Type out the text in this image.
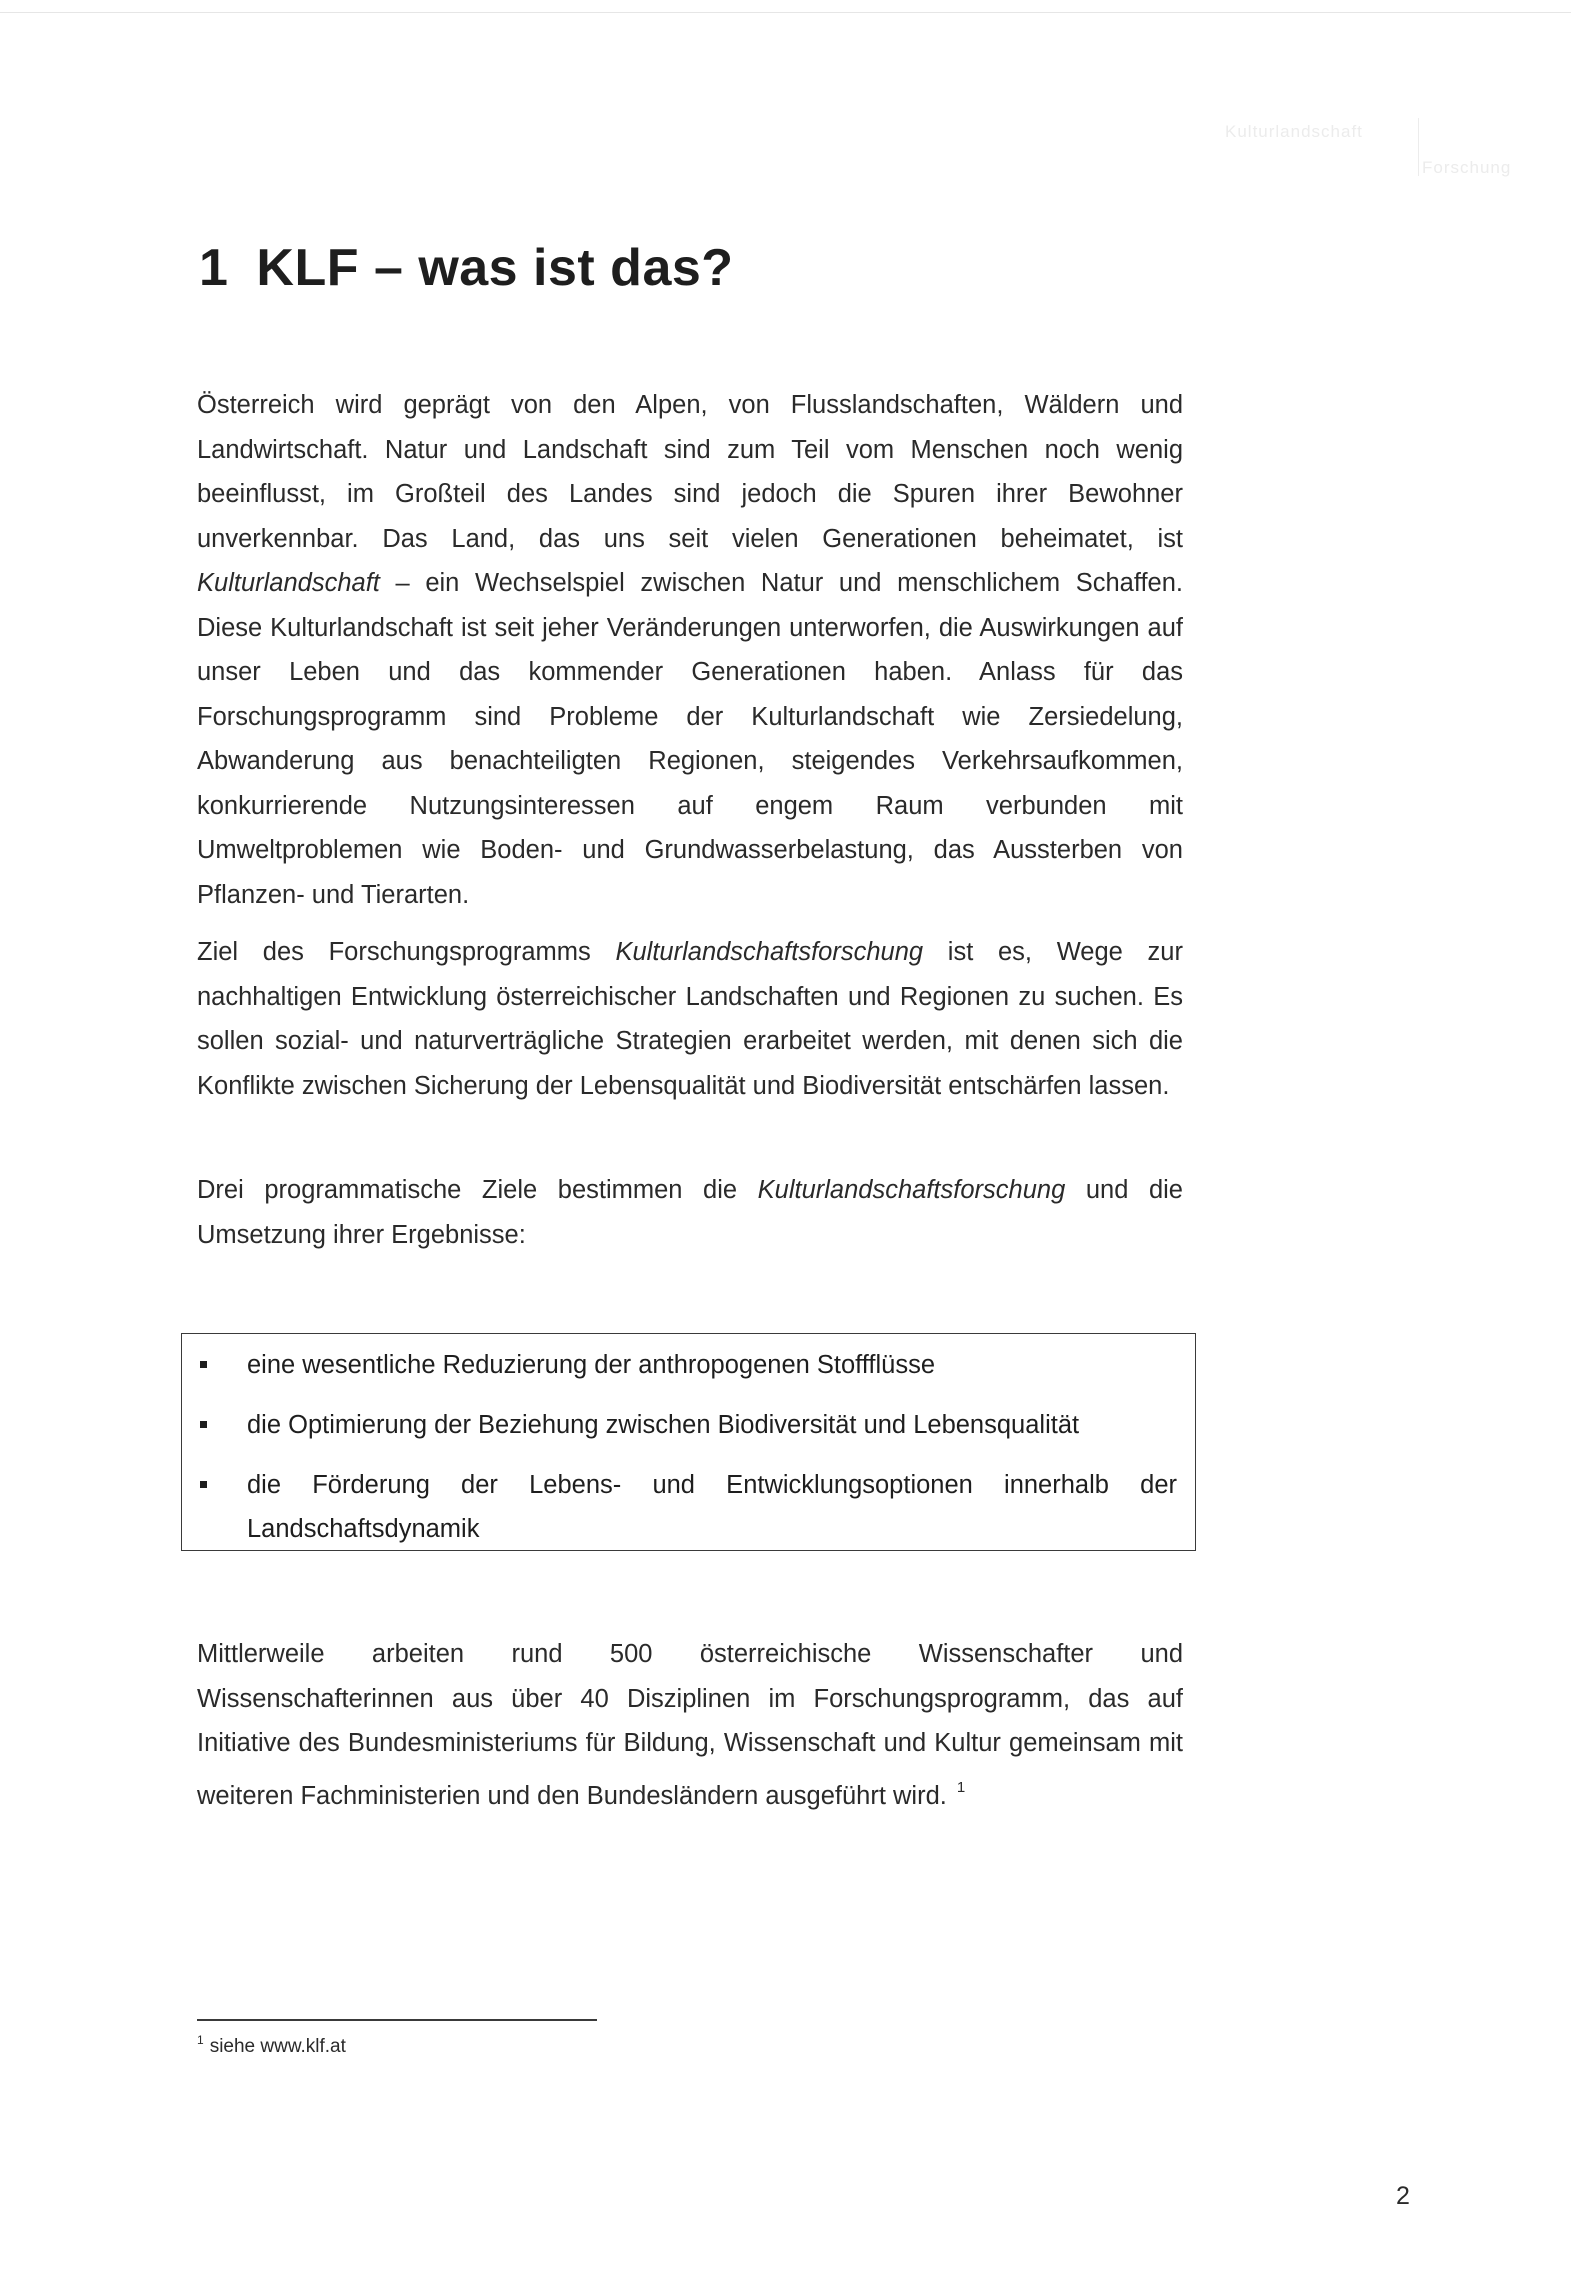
Kulturlandschaft
Forschung
1 KLF – was ist das?

Österreich wird geprägt von den Alpen, von Flusslandschaften, Wäldern und Landwirtschaft. Natur und Landschaft sind zum Teil vom Menschen noch wenig beeinflusst, im Großteil des Landes sind jedoch die Spuren ihrer Bewohner unverkennbar. Das Land, das uns seit vielen Generationen beheimatet, ist Kulturlandschaft – ein Wechselspiel zwischen Natur und menschlichem Schaffen. Diese Kulturlandschaft ist seit jeher Veränderungen unterworfen, die Auswirkungen auf unser Leben und das kommender Generationen haben. Anlass für das Forschungsprogramm sind Probleme der Kulturlandschaft wie Zersiedelung, Abwanderung aus benachteiligten Regionen, steigendes Verkehrsaufkommen, konkurrierende Nutzungsinteressen auf engem Raum verbunden mit Umweltproblemen wie Boden- und Grundwasserbelastung, das Aussterben von Pflanzen- und Tierarten.

Ziel des Forschungsprogramms Kulturlandschaftsforschung ist es, Wege zur nachhaltigen Entwicklung österreichischer Landschaften und Regionen zu suchen. Es sollen sozial- und naturverträgliche Strategien erarbeitet werden, mit denen sich die Konflikte zwischen Sicherung der Lebensqualität und Biodiversität entschärfen lassen.

Drei programmatische Ziele bestimmen die Kulturlandschaftsforschung und die Umsetzung ihrer Ergebnisse:

eine wesentliche Reduzierung der anthropogenen Stoffflüsse
die Optimierung der Beziehung zwischen Biodiversität und Lebensqualität
die Förderung der Lebens- und Entwicklungsoptionen innerhalb der Landschaftsdynamik

Mittlerweile arbeiten rund 500 österreichische Wissenschafter und Wissenschafterinnen aus über 40 Disziplinen im Forschungsprogramm, das auf Initiative des Bundesministeriums für Bildung, Wissenschaft und Kultur gemeinsam mit weiteren Fachministerien und den Bundesländern ausgeführt wird. $^1$

$^1$ siehe www.klf.at
2
